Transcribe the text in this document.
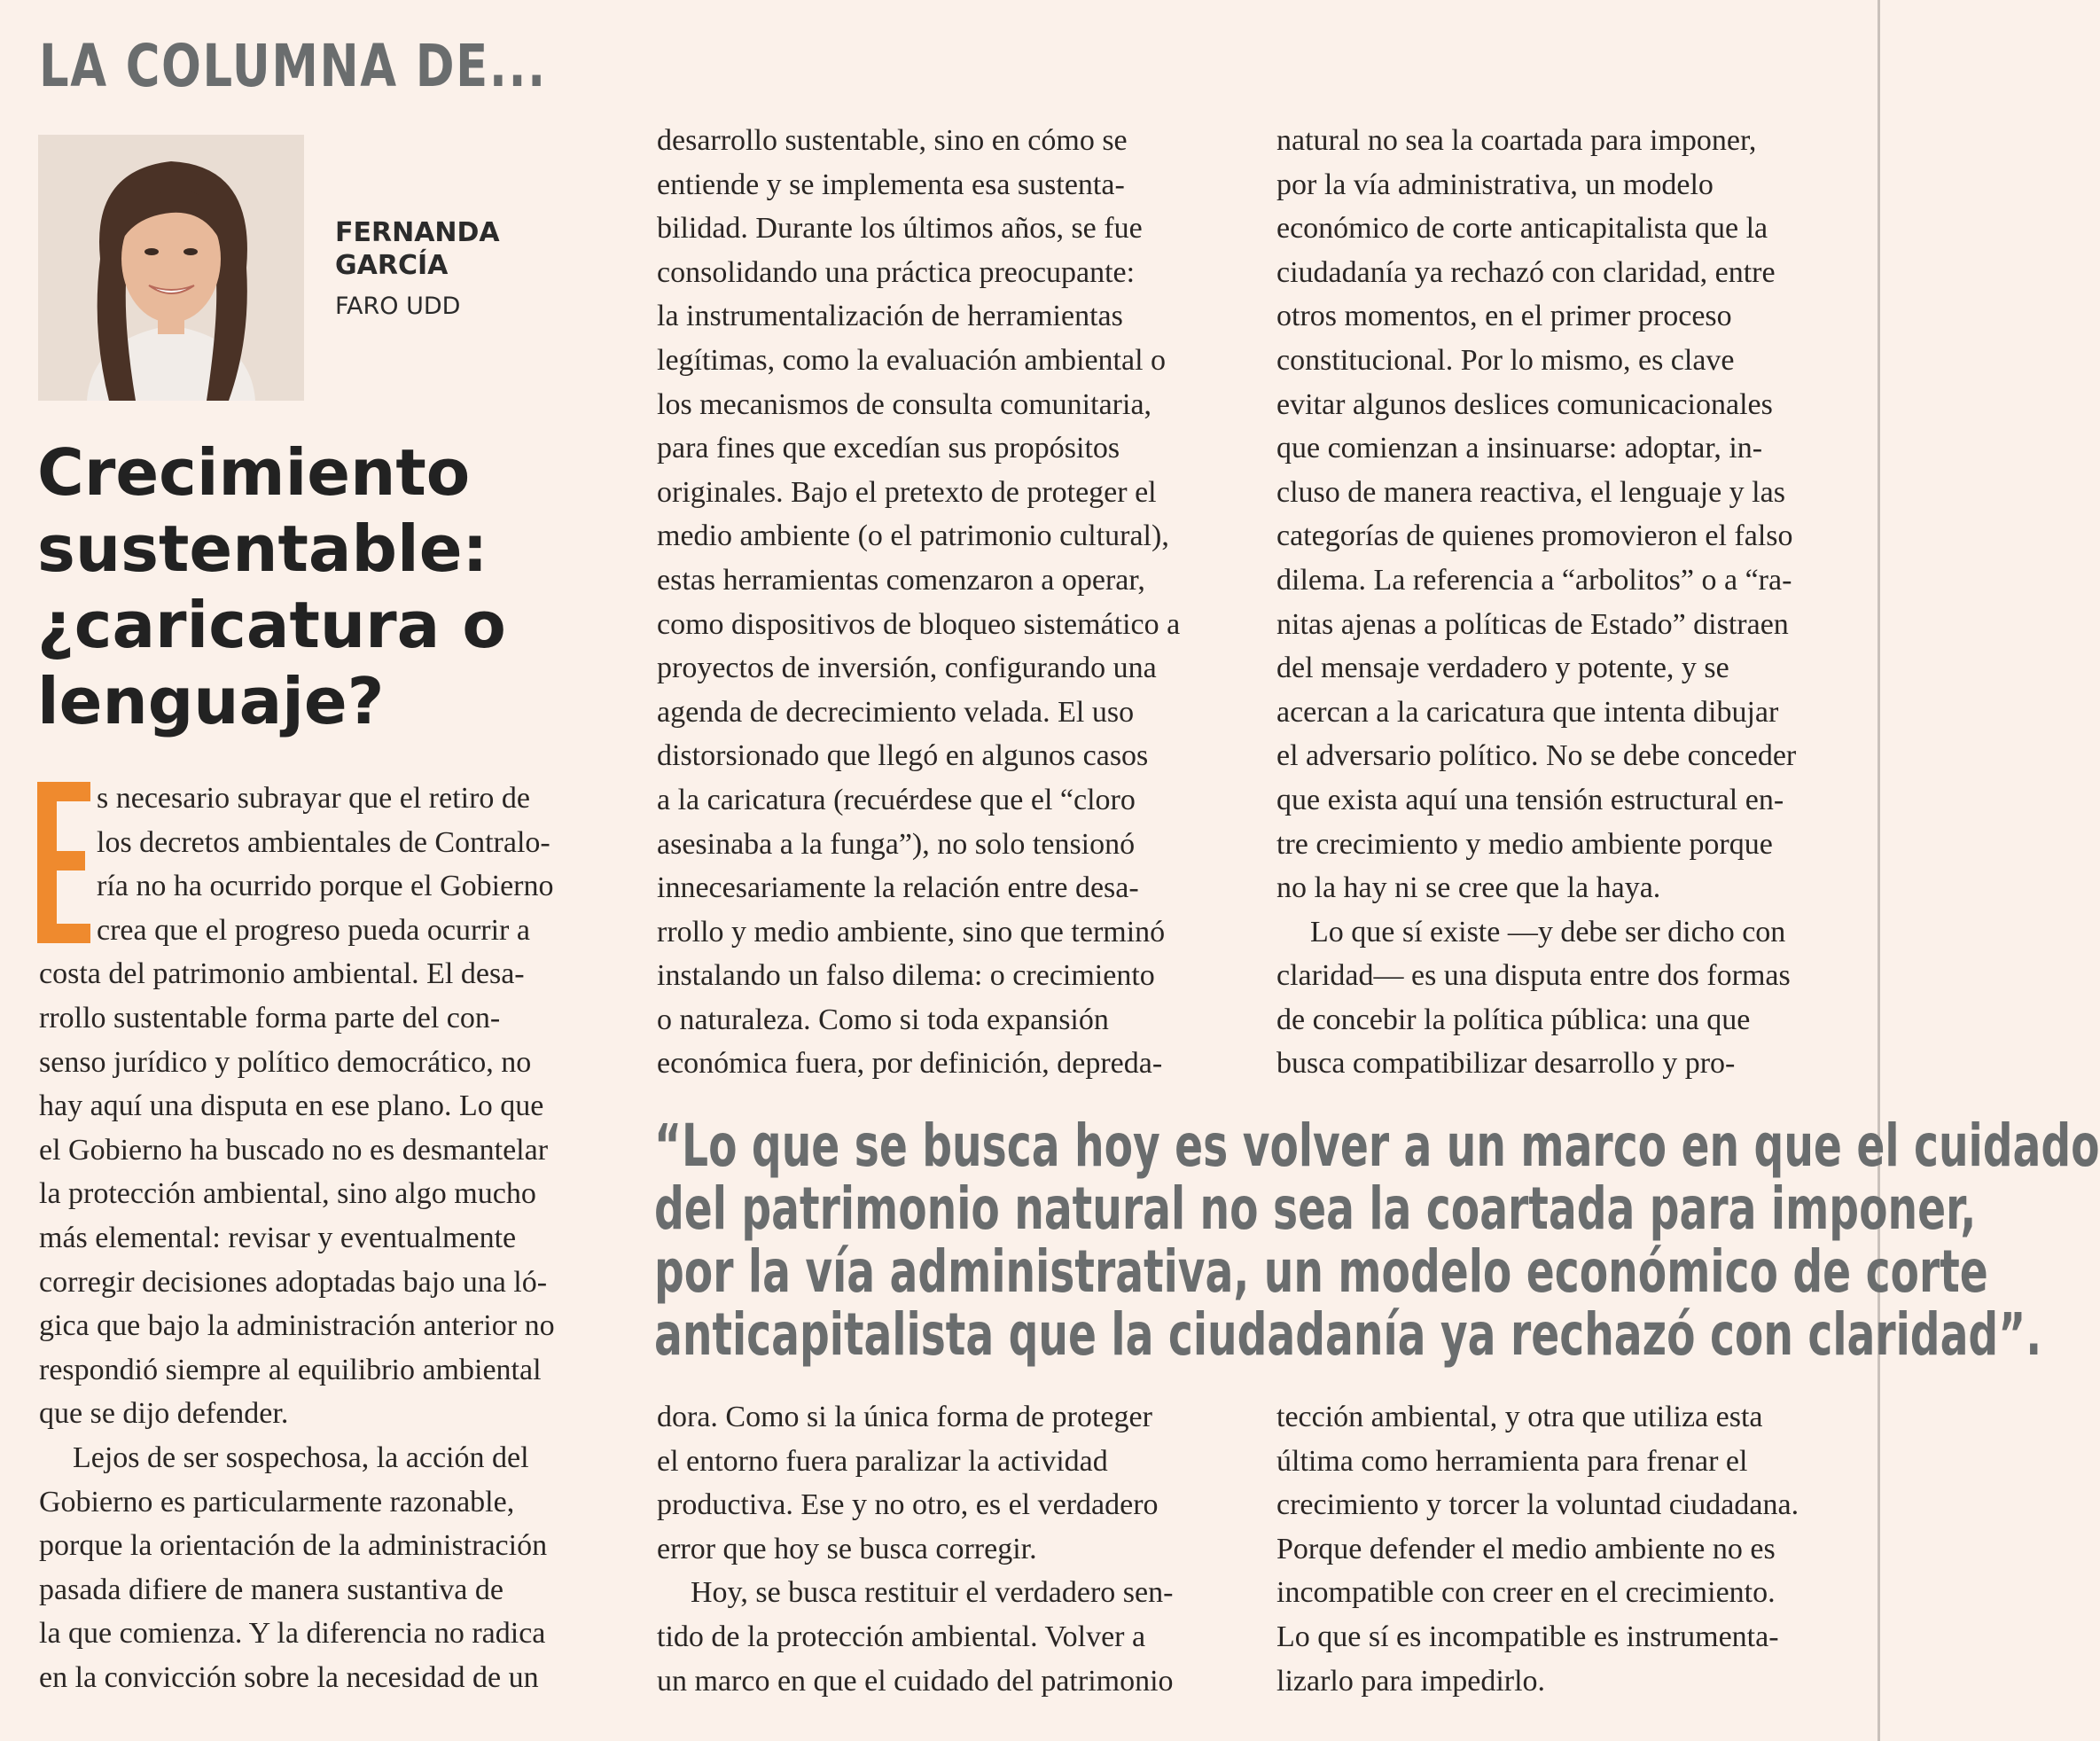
LA COLUMNA DE...
FERNANDA
GARCÍA
FARO UDD
Crecimiento
sustentable:
¿caricatura o
lenguaje?
s necesario subrayar que el retiro de
los decretos ambientales de Contralo-
ría no ha ocurrido porque el Gobierno
crea que el progreso pueda ocurrir a
costa del patrimonio ambiental. El desa-
rrollo sustentable forma parte del con-
senso jurídico y político democrático, no
hay aquí una disputa en ese plano. Lo que
el Gobierno ha buscado no es desmantelar
la protección ambiental, sino algo mucho
más elemental: revisar y eventualmente
corregir decisiones adoptadas bajo una ló-
gica que bajo la administración anterior no
respondió siempre al equilibrio ambiental
que se dijo defender.
Lejos de ser sospechosa, la acción del
Gobierno es particularmente razonable,
porque la orientación de la administración
pasada difiere de manera sustantiva de
la que comienza. Y la diferencia no radica
en la convicción sobre la necesidad de un
desarrollo sustentable, sino en cómo se
entiende y se implementa esa sustenta-
bilidad. Durante los últimos años, se fue
consolidando una práctica preocupante:
la instrumentalización de herramientas
legítimas, como la evaluación ambiental o
los mecanismos de consulta comunitaria,
para fines que excedían sus propósitos
originales. Bajo el pretexto de proteger el
medio ambiente (o el patrimonio cultural),
estas herramientas comenzaron a operar,
como dispositivos de bloqueo sistemático a
proyectos de inversión, configurando una
agenda de decrecimiento velada. El uso
distorsionado que llegó en algunos casos
a la caricatura (recuérdese que el “cloro
asesinaba a la funga”), no solo tensionó
innecesariamente la relación entre desa-
rrollo y medio ambiente, sino que terminó
instalando un falso dilema: o crecimiento
o naturaleza. Como si toda expansión
económica fuera, por definición, depreda-
natural no sea la coartada para imponer,
por la vía administrativa, un modelo
económico de corte anticapitalista que la
ciudadanía ya rechazó con claridad, entre
otros momentos, en el primer proceso
constitucional. Por lo mismo, es clave
evitar algunos deslices comunicacionales
que comienzan a insinuarse: adoptar, in-
cluso de manera reactiva, el lenguaje y las
categorías de quienes promovieron el falso
dilema. La referencia a “arbolitos” o a “ra-
nitas ajenas a políticas de Estado” distraen
del mensaje verdadero y potente, y se
acercan a la caricatura que intenta dibujar
el adversario político. No se debe conceder
que exista aquí una tensión estructural en-
tre crecimiento y medio ambiente porque
no la hay ni se cree que la haya.
Lo que sí existe —y debe ser dicho con
claridad— es una disputa entre dos formas
de concebir la política pública: una que
busca compatibilizar desarrollo y pro-
“Lo que se busca hoy es volver a un marco en que el cuidado
del patrimonio natural no sea la coartada para imponer,
por la vía administrativa, un modelo económico de corte
anticapitalista que la ciudadanía ya rechazó con claridad”.
dora. Como si la única forma de proteger
el entorno fuera paralizar la actividad
productiva. Ese y no otro, es el verdadero
error que hoy se busca corregir.
Hoy, se busca restituir el verdadero sen-
tido de la protección ambiental. Volver a
un marco en que el cuidado del patrimonio
tección ambiental, y otra que utiliza esta
última como herramienta para frenar el
crecimiento y torcer la voluntad ciudadana.
Porque defender el medio ambiente no es
incompatible con creer en el crecimiento.
Lo que sí es incompatible es instrumenta-
lizarlo para impedirlo.
